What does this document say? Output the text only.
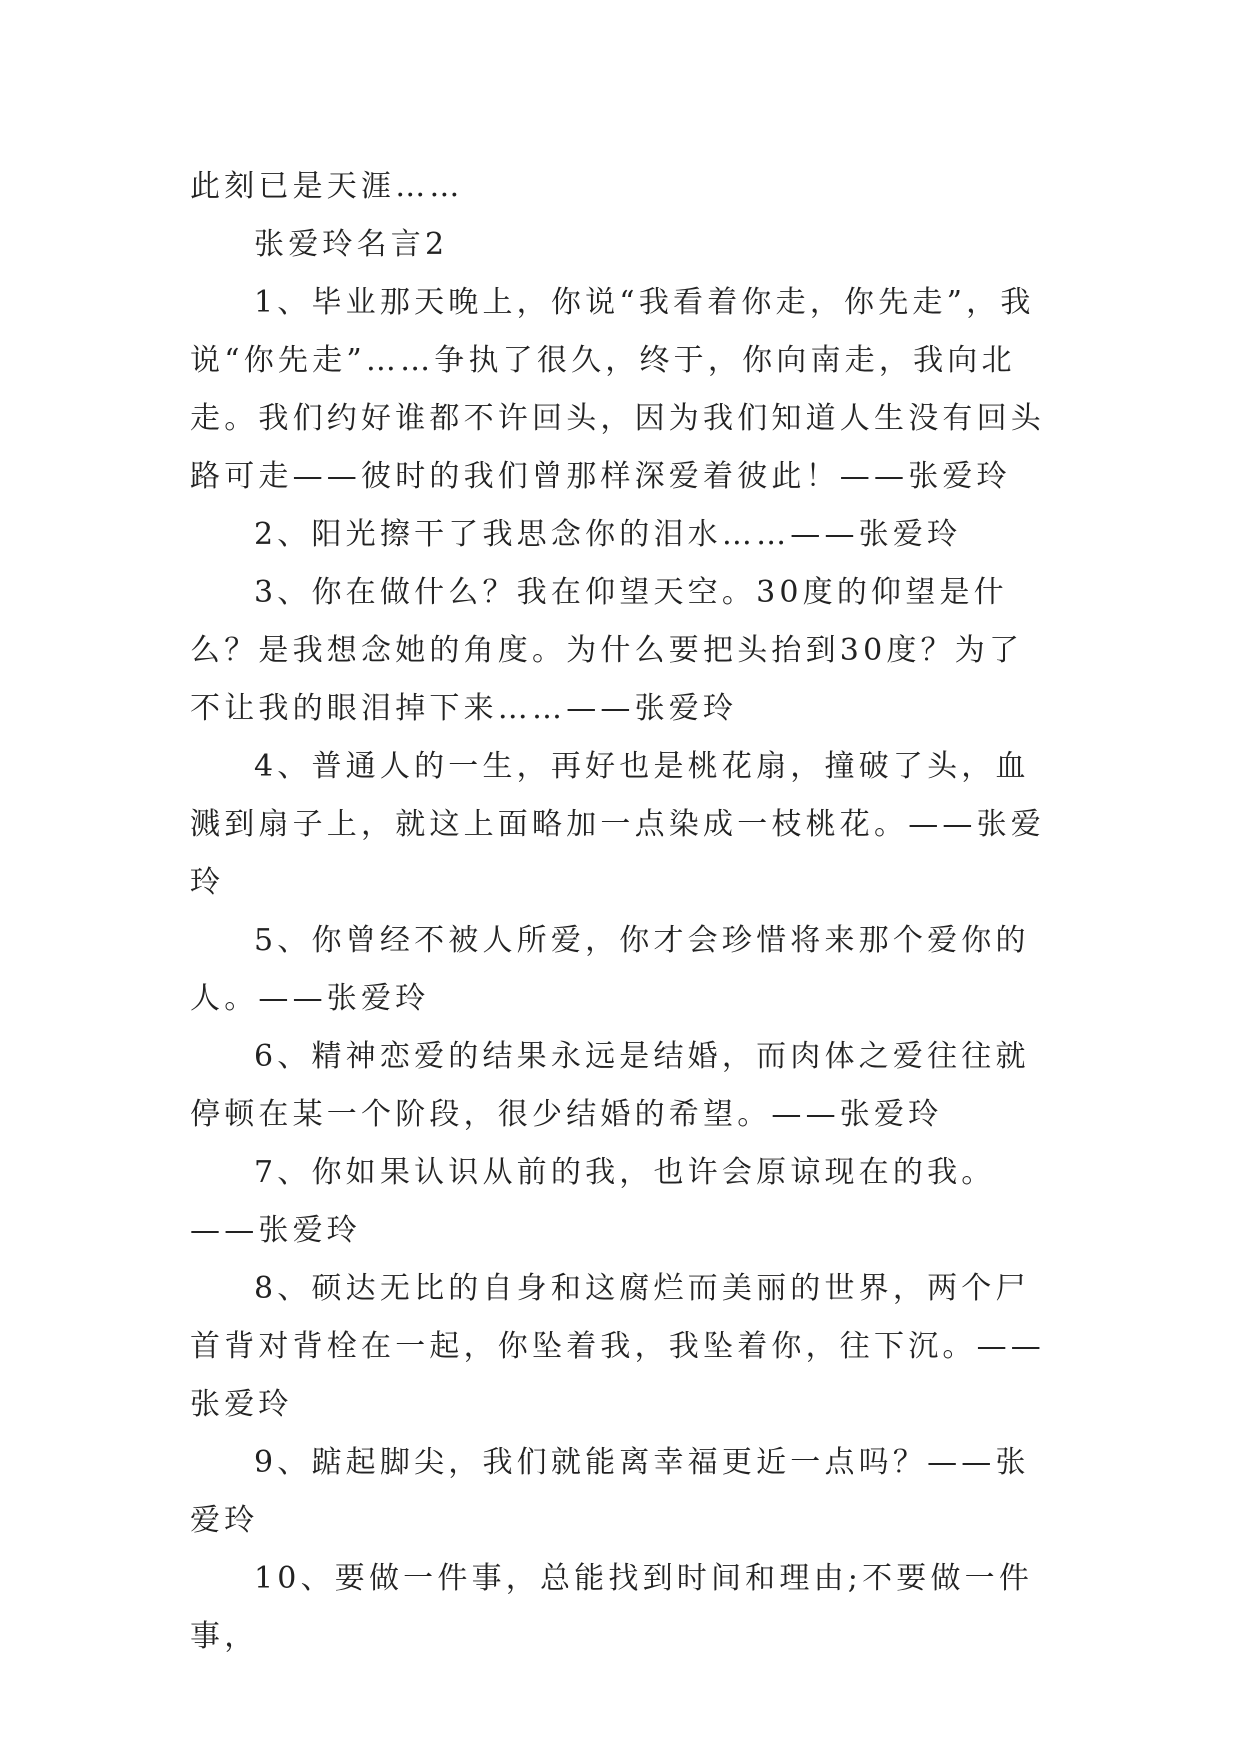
此刻已是天涯……

张爱玲名言2

1、毕业那天晚上，你说“我看着你走，你先走”，我说“你先走”……争执了很久，终于，你向南走，我向北走。我们约好谁都不许回头，因为我们知道人生没有回头路可走——彼时的我们曾那样深爱着彼此！——张爱玲

2、阳光擦干了我思念你的泪水……——张爱玲

3、你在做什么？我在仰望天空。30度的仰望是什么？是我想念她的角度。为什么要把头抬到30度？为了不让我的眼泪掉下来……——张爱玲

4、普通人的一生，再好也是桃花扇，撞破了头，血溅到扇子上，就这上面略加一点染成一枝桃花。——张爱玲

5、你曾经不被人所爱，你才会珍惜将来那个爱你的人。——张爱玲

6、精神恋爱的结果永远是结婚，而肉体之爱往往就停顿在某一个阶段，很少结婚的希望。——张爱玲

7、你如果认识从前的我，也许会原谅现在的我。——张爱玲

8、硕达无比的自身和这腐烂而美丽的世界，两个尸首背对背栓在一起，你坠着我，我坠着你，往下沉。——张爱玲

9、踮起脚尖，我们就能离幸福更近一点吗？——张爱玲

10、要做一件事，总能找到时间和理由;不要做一件事，
